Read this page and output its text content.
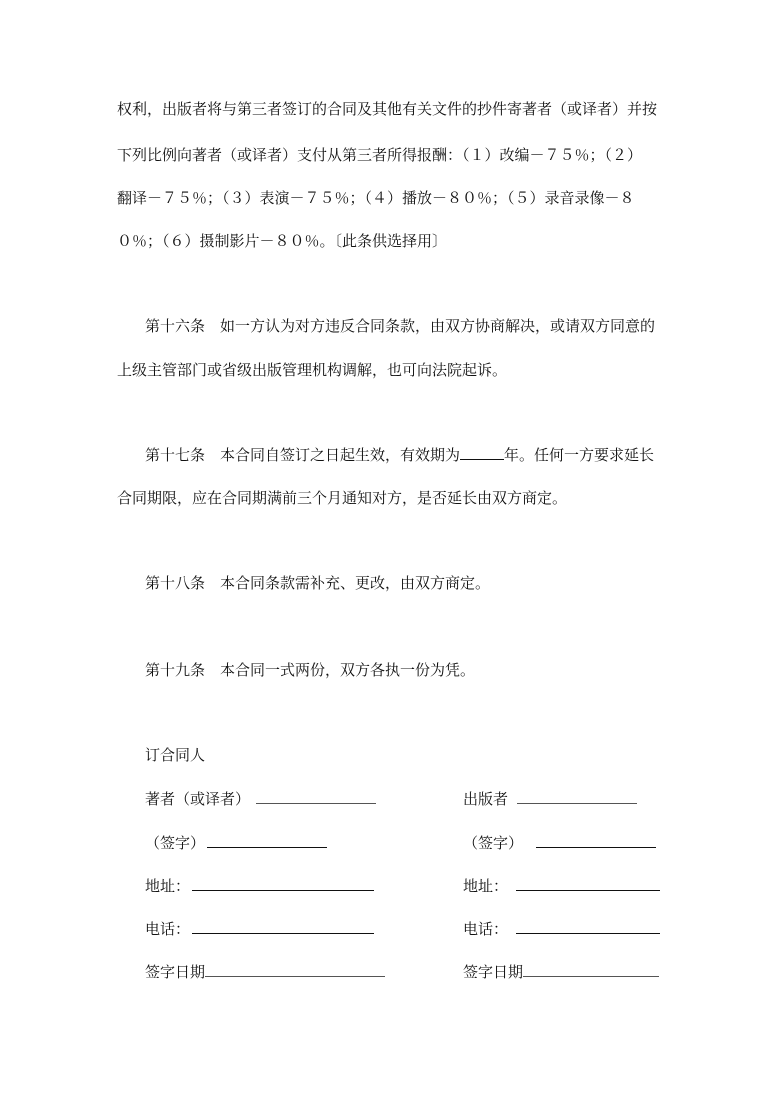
权利，出版者将与第三者签订的合同及其他有关文件的抄件寄著者（或译者）并按
下列比例向著者（或译者）支付从第三者所得报酬：（１）改编－７５％；（２）
翻译－７５％；（３）表演－７５％；（４）播放－８０％；（５）录音录像－８
０％；（６）摄制影片－８０％。〔此条供选择用〕
第十六条　如一方认为对方违反合同条款，由双方协商解决，或请双方同意的
上级主管部门或省级出版管理机构调解，也可向法院起诉。
第十七条　本合同自签订之日起生效，有效期为	年。任何一方要求延长
合同期限，应在合同期满前三个月通知对方，是否延长由双方商定。
第十八条　本合同条款需补充、更改，由双方商定。
第十九条　本合同一式两份，双方各执一份为凭。
订合同人
著者（或译者）
（签字）
地址：
电话：
签字日期
出版者
（签字）
地址：
电话：
签字日期
